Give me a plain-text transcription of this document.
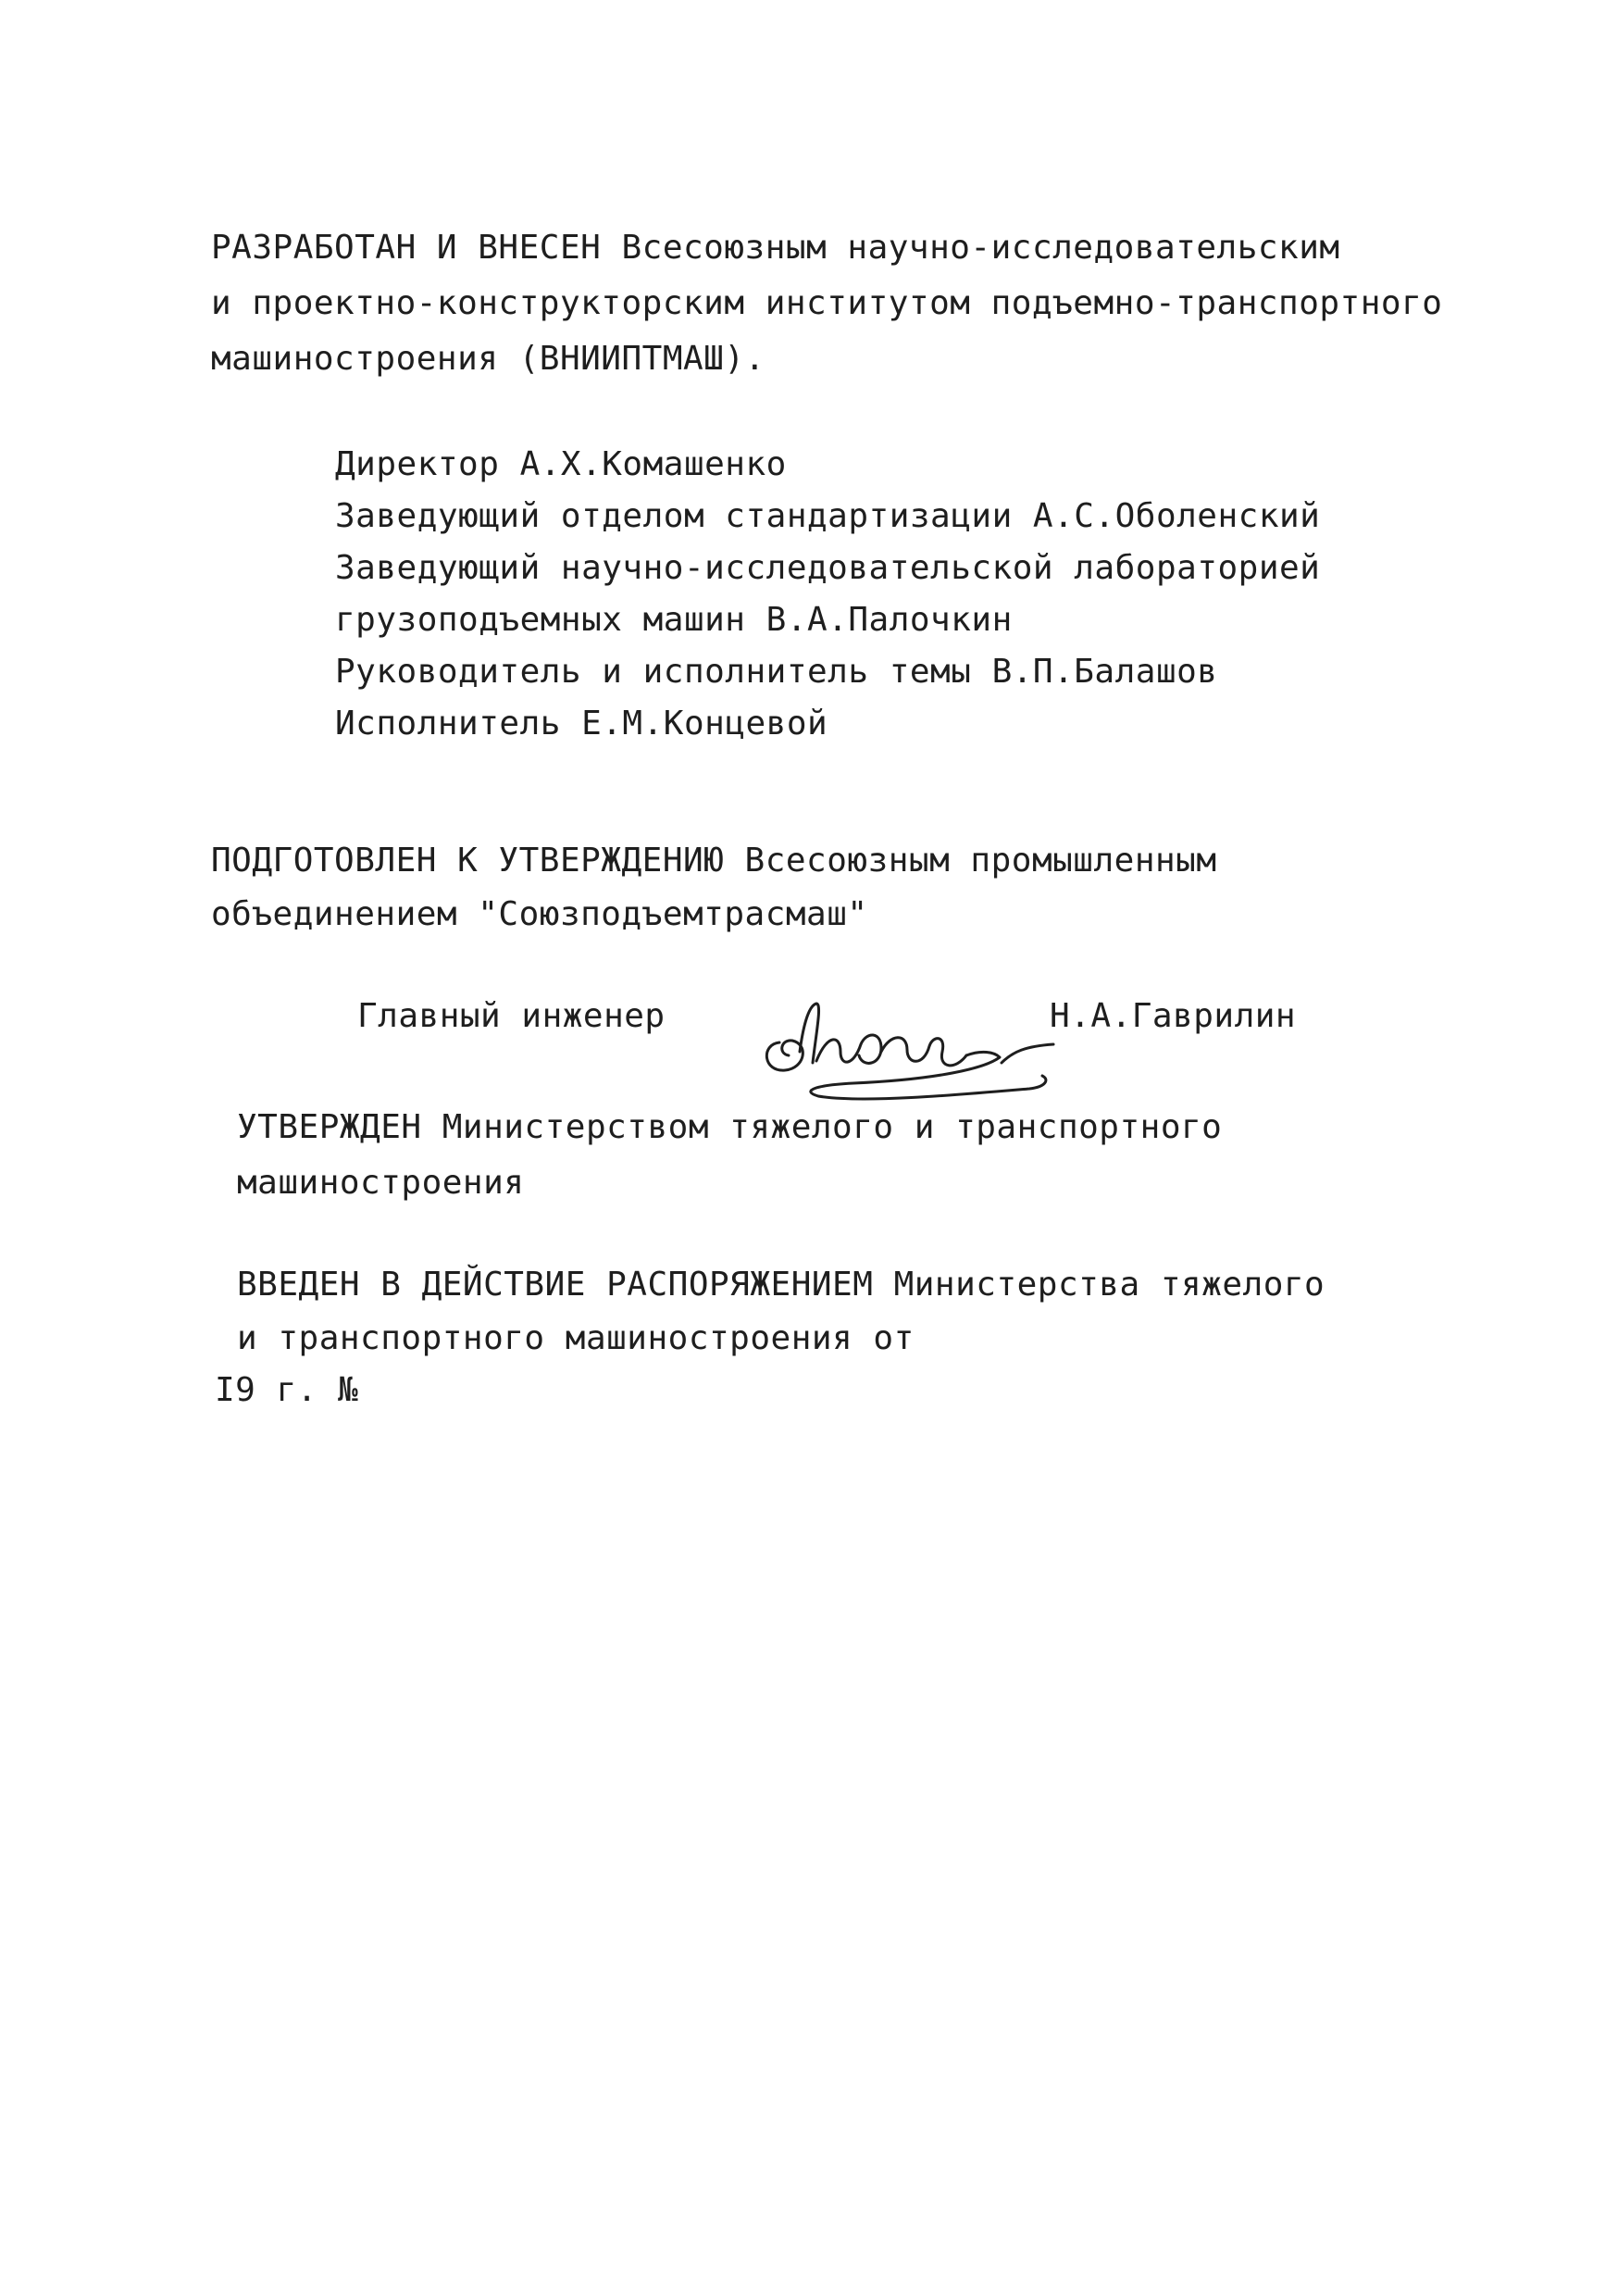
РАЗРАБОТАН И ВНЕСЕН Всесоюзным научно-исследовательским
и проектно-конструкторским институтом подъемно-транспортного
машиностроения (ВНИИПТМАШ).
Директор А.Х.Комашенко
Заведующий отделом стандартизации А.С.Оболенский
Заведующий научно-исследовательской лабораторией
грузоподъемных машин В.А.Палочкин
Руководитель и исполнитель темы В.П.Балашов
Исполнитель Е.М.Концевой
ПОДГОТОВЛЕН К УТВЕРЖДЕНИЮ Всесоюзным промышленным
объединением "Союзподъемтрасмаш"
Главный инженер	Н.А.Гаврилин
УТВЕРЖДЕН Министерством тяжелого и транспортного
машиностроения
ВВЕДЕН В ДЕЙСТВИЕ РАСПОРЯЖЕНИЕМ Министерства тяжелого
и транспортного машиностроения от
I9 г. №
